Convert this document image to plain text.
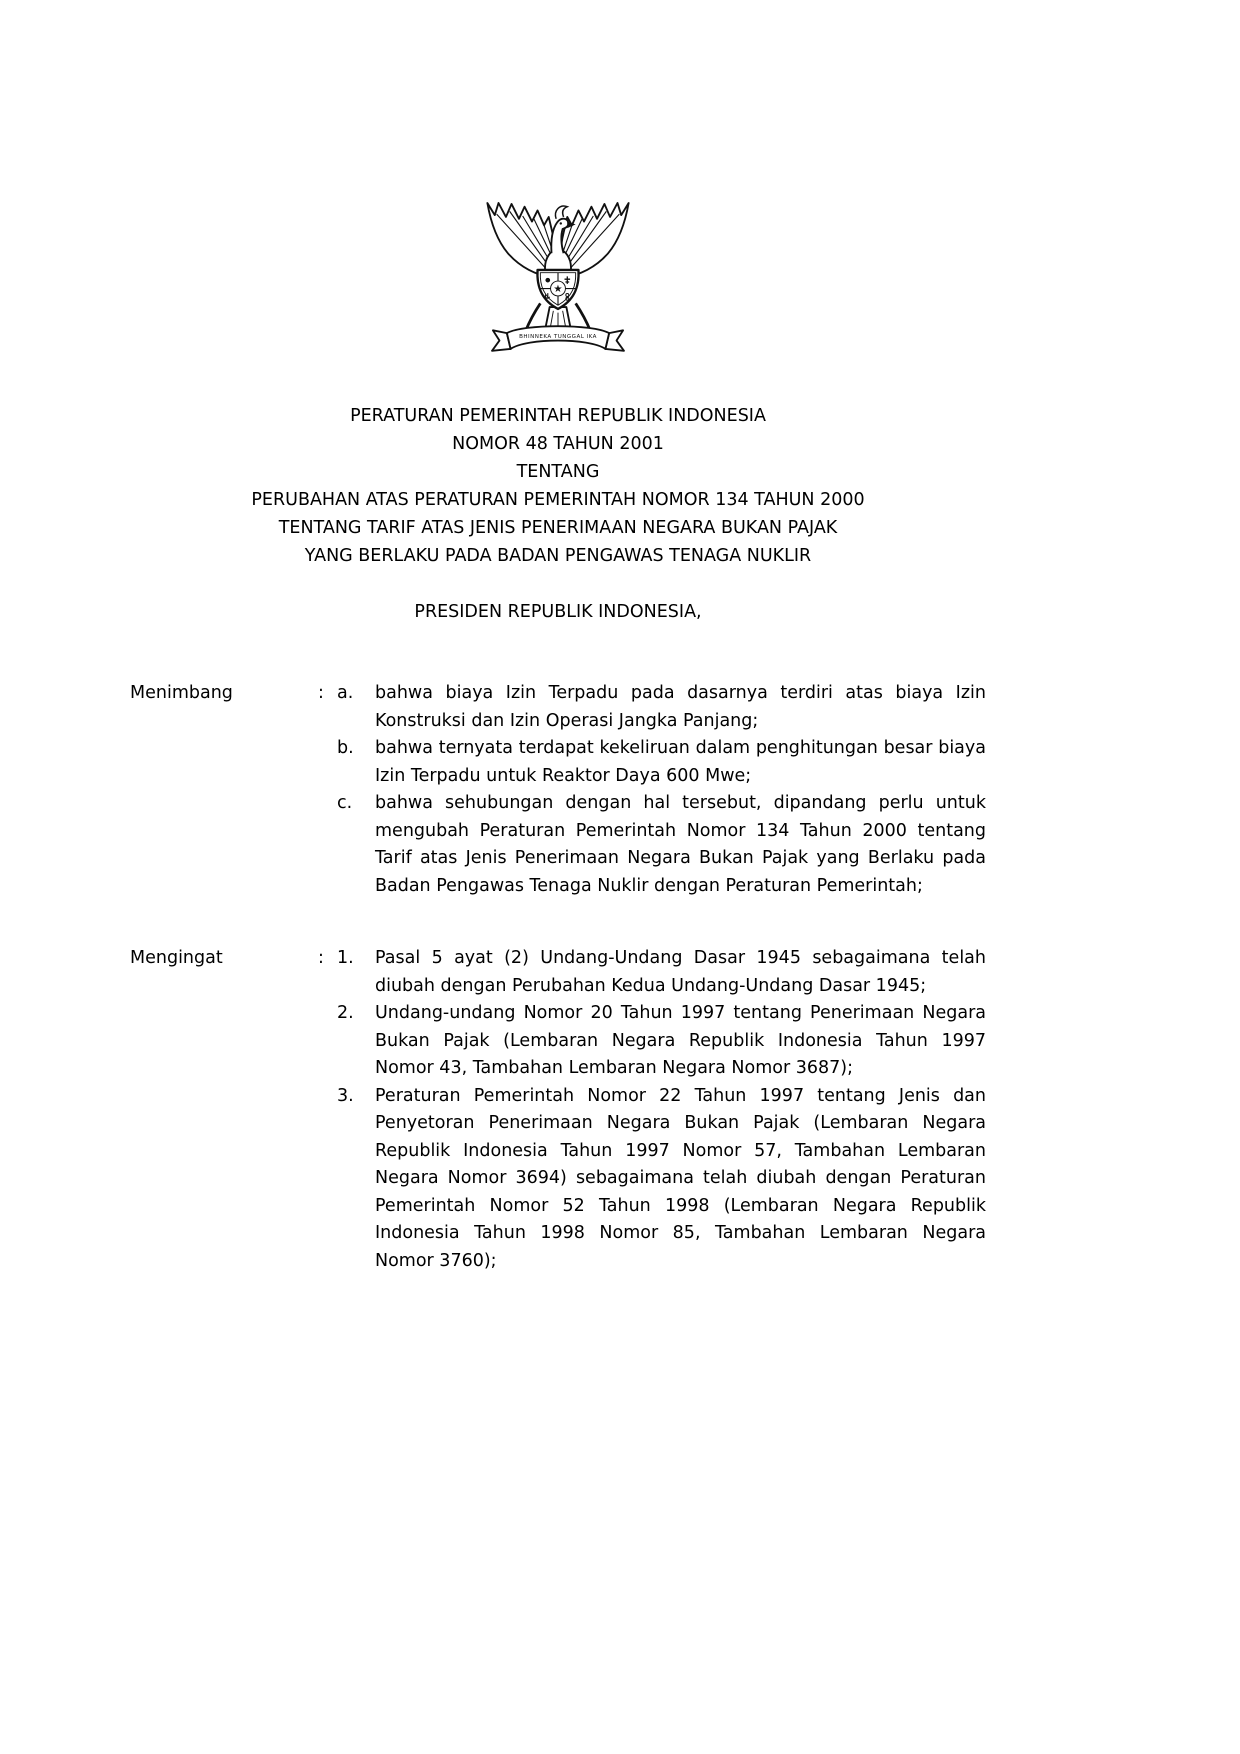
★
BHINNEKA TUNGGAL IKA
PERATURAN PEMERINTAH REPUBLIK INDONESIA
NOMOR 48 TAHUN 2001
TENTANG
PERUBAHAN ATAS PERATURAN PEMERINTAH NOMOR 134 TAHUN 2000
TENTANG TARIF ATAS JENIS PENERIMAAN NEGARA BUKAN PAJAK
YANG BERLAKU PADA BADAN PENGAWAS TENAGA NUKLIR
PRESIDEN REPUBLIK INDONESIA,
Menimbang	: a.	bahwa biaya Izin Terpadu pada dasarnya terdiri atas biaya Izin Konstruksi dan Izin Operasi Jangka Panjang;
b.	bahwa ternyata terdapat kekeliruan dalam penghitungan besar biaya Izin Terpadu untuk Reaktor Daya 600 Mwe;
c.	bahwa sehubungan dengan hal tersebut, dipandang perlu untuk mengubah Peraturan Pemerintah Nomor 134 Tahun 2000 tentang Tarif atas Jenis Penerimaan Negara Bukan Pajak yang Berlaku pada Badan Pengawas Tenaga Nuklir dengan Peraturan Pemerintah;
Mengingat	: 1.	Pasal 5 ayat (2) Undang-Undang Dasar 1945 sebagaimana telah diubah dengan Perubahan Kedua Undang-Undang Dasar 1945;
2.	Undang-undang Nomor 20 Tahun 1997 tentang Penerimaan Negara Bukan Pajak (Lembaran Negara Republik Indonesia Tahun 1997 Nomor 43, Tambahan Lembaran Negara Nomor 3687);
3.	Peraturan Pemerintah Nomor 22 Tahun 1997 tentang Jenis dan Penyetoran Penerimaan Negara Bukan Pajak (Lembaran Negara Republik Indonesia Tahun 1997 Nomor 57, Tambahan Lembaran Negara Nomor 3694) sebagaimana telah diubah dengan Peraturan Pemerintah Nomor 52 Tahun 1998 (Lembaran Negara Republik Indonesia Tahun 1998 Nomor 85, Tambahan Lembaran Negara Nomor 3760);
